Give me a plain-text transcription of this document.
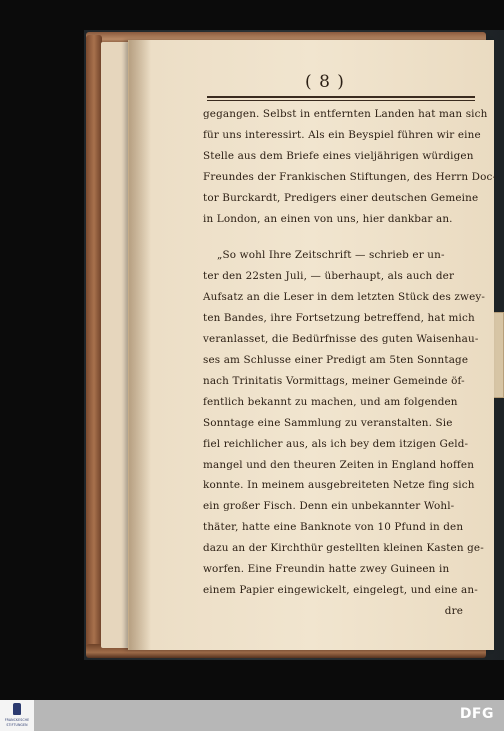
( 8 )
gegangen. Selbst in entfernten Landen hat man sich
für uns interessirt. Als ein Beyspiel führen wir eine
Stelle aus dem Briefe eines vieljährigen würdigen
Freundes der Frankischen Stiftungen, des Herrn Doc-
tor Burckardt, Predigers einer deutschen Gemeine
in London, an einen von uns, hier dankbar an.
„So wohl Ihre Zeitschrift — schrieb er un-
ter den 22sten Juli, — überhaupt, als auch der
Aufsatz an die Leser in dem letzten Stück des zwey-
ten Bandes, ihre Fortsetzung betreffend, hat mich
veranlasset, die Bedürfnisse des guten Waisenhau-
ses am Schlusse einer Predigt am 5ten Sonntage
nach Trinitatis Vormittags, meiner Gemeinde öf-
fentlich bekannt zu machen, und am folgenden
Sonntage eine Sammlung zu veranstalten. Sie
fiel reichlicher aus, als ich bey dem itzigen Geld-
mangel und den theuren Zeiten in England hoffen
konnte. In meinem ausgebreiteten Netze fing sich
ein großer Fisch. Denn ein unbekannter Wohl-
thäter, hatte eine Banknote von 10 Pfund in den
dazu an der Kirchthür gestellten kleinen Kasten ge-
worfen. Eine Freundin hatte zwey Guineen in
einem Papier eingewickelt, eingelegt, und eine an-
dre
FRANCKESCHE
STIFTUNGEN
DFG
